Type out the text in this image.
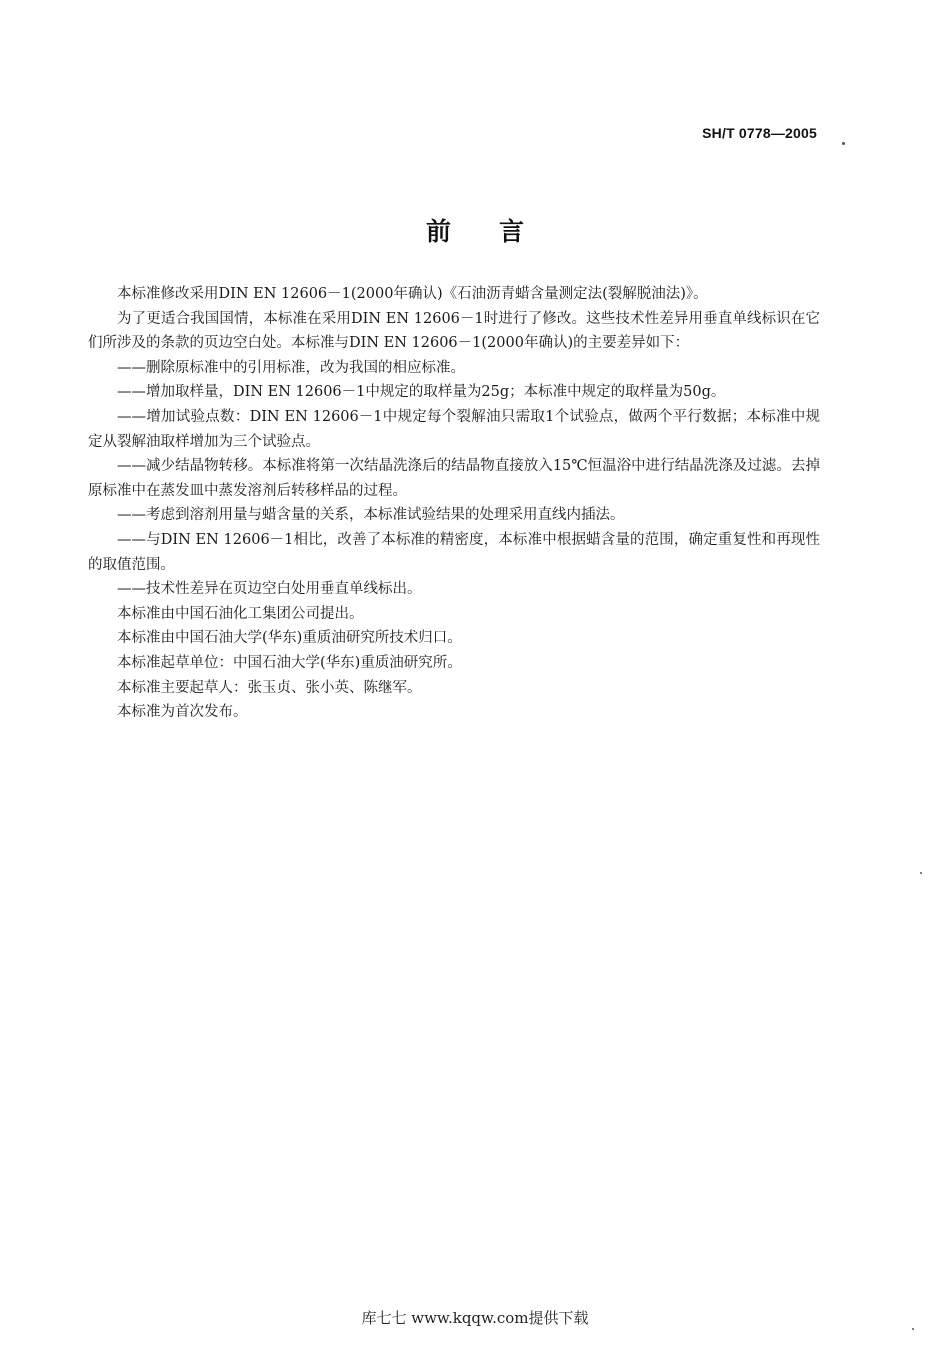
SH/T 0778—2005
前言

本标准修改采用DIN EN 12606－1(2000年确认)《石油沥青蜡含量测定法(裂解脱油法)》。

为了更适合我国国情，本标准在采用DIN EN 12606－1时进行了修改。这些技术性差异用垂直单线标识在它们所涉及的条款的页边空白处。本标准与DIN EN 12606－1(2000年确认)的主要差异如下：

——删除原标准中的引用标准，改为我国的相应标准。

——增加取样量，DIN EN 12606－1中规定的取样量为25g；本标准中规定的取样量为50g。

——增加试验点数：DIN EN 12606－1中规定每个裂解油只需取1个试验点，做两个平行数据；本标准中规定从裂解油取样增加为三个试验点。

——减少结晶物转移。本标准将第一次结晶洗涤后的结晶物直接放入15℃恒温浴中进行结晶洗涤及过滤。去掉原标准中在蒸发皿中蒸发溶剂后转移样品的过程。

——考虑到溶剂用量与蜡含量的关系，本标准试验结果的处理采用直线内插法。

——与DIN EN 12606－1相比，改善了本标准的精密度，本标准中根据蜡含量的范围，确定重复性和再现性的取值范围。

——技术性差异在页边空白处用垂直单线标出。

本标准由中国石油化工集团公司提出。

本标准由中国石油大学(华东)重质油研究所技术归口。

本标准起草单位：中国石油大学(华东)重质油研究所。

本标准主要起草人：张玉贞、张小英、陈继军。

本标准为首次发布。

库七七 www.kqqw.com提供下载
